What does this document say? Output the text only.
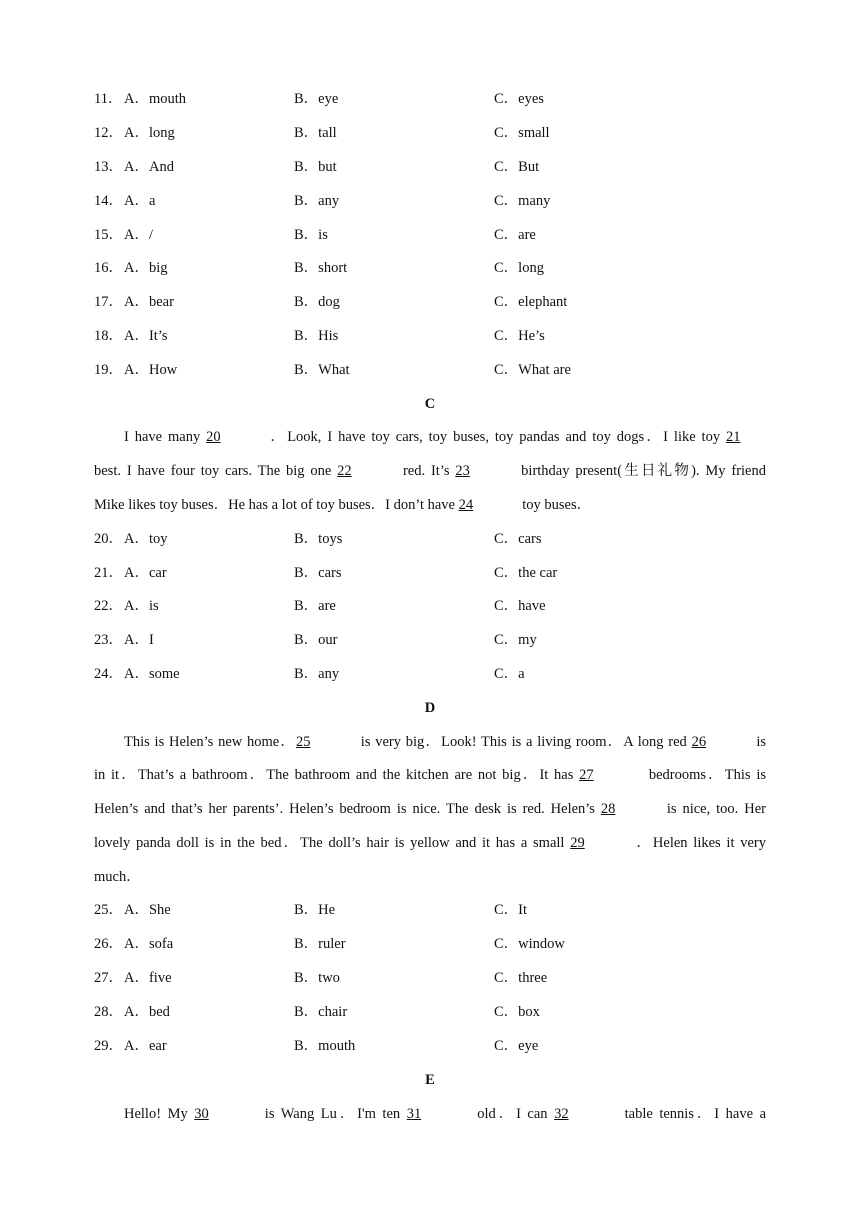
11． A．mouth	B．eye	C．eyes
12． A．long	B．tall	C．small
13． A．And	B．but	C．But
14． A．a	B．any	C．many
15． A．/	B．is	C．are
16． A．big	B．short	C．long
17． A．bear	B．dog	C．elephant
18． A．It’s	B．His	C．He’s
19． A．How	B．What	C．What are
C
I have many 20	．Look, I have toy cars, toy buses, toy pandas and toy dogs．I like toy 21
best. I have four toy cars. The big one 22	red. It’s 23	birthday present(生日礼物). My friend
Mike likes toy buses．He has a lot of toy buses．I don’t have 24	toy buses．
20． A．toy	B．toys	C．cars
21． A．car	B．cars	C．the car
22． A．is	B．are	C．have
23． A．I	B．our	C．my
24． A．some	B．any	C．a
D
This is Helen’s new home．25	is very big．Look! This is a living room．A long red 26	is
in it．That’s a bathroom．The bathroom and the kitchen are not big．It has 27	bedrooms．This is
Helen’s and that’s her parents’. Helen’s bedroom is nice. The desk is red. Helen’s 28	is nice, too. Her
lovely panda doll is in the bed．The doll’s hair is yellow and it has a small 29	．Helen likes it very
much．
25． A．She	B．He	C．It
26． A．sofa	B．ruler	C．window
27． A．five	B．two	C．three
28． A．bed	B．chair	C．box
29． A．ear	B．mouth	C．eye
E
Hello! My 30	is Wang Lu．I'm ten 31	old．I can 32	table tennis．I have a
